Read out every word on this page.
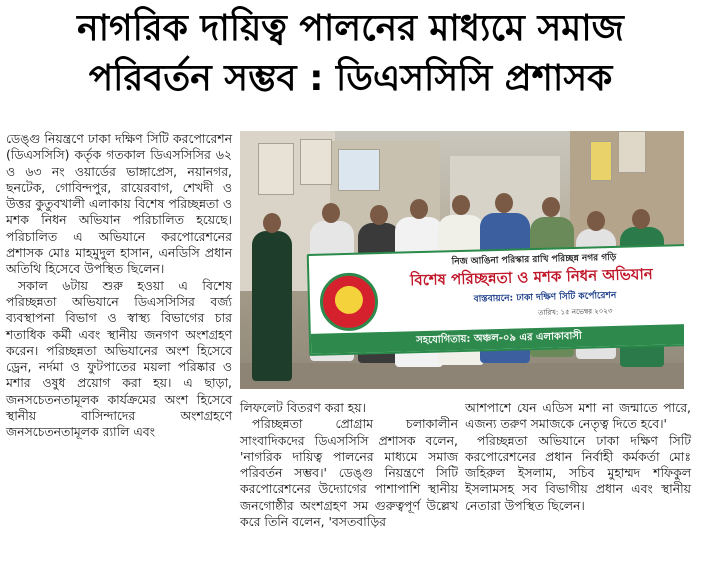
নাগরিক দায়িত্ব পালনের মাধ্যমে সমাজ
পরিবর্তন সম্ভব : ডিএসসিসি প্রশাসক

ডেঙ্গু নিয়ন্ত্রণে ঢাকা দক্ষিণ সিটি করপোরেশন (ডিএসসিসি) কর্তৃক গতকাল ডিএসসিসির ৬২ ও ৬৩ নং ওয়ার্ডের ভাঙ্গাপ্রেস, নয়ানগর, ছনটেক, গোবিন্দপুর, রায়েরবাগ, শেখদী ও উত্তর কুতুবখালী এলাকায় বিশেষ পরিচ্ছন্নতা ও মশক নিধন অভিযান পরিচালিত হয়েছে। পরিচালিত এ অভিযানে করপোরেশনের প্রশাসক মোঃ মাহমুদুল হাসান, এনডিসি প্রধান অতিথি হিসেবে উপস্থিত ছিলেন।

সকাল ৬টায় শুরু হওয়া এ বিশেষ পরিচ্ছন্নতা অভিযানে ডিএসসিসির বর্জ্য ব্যবস্থাপনা বিভাগ ও স্বাস্থ্য বিভাগের চার শতাধিক কর্মী এবং স্থানীয় জনগণ অংশগ্রহণ করেন। পরিচ্ছন্নতা অভিযানের অংশ হিসেবে ড্রেন, নর্দমা ও ফুটপাতের ময়লা পরিষ্কার ও মশার ওষুধ প্রয়োগ করা হয়। এ ছাড়া, জনসচেতনতামূলক কার্যক্রমের অংশ হিসেবে স্থানীয় বাসিন্দাদের অংশগ্রহণে জনসচেতনতামূলক র‌্যালি এবং

নিজ আঙিনা পরিস্কার রাখি পরিচ্ছন্ন নগর গড়ি
বিশেষ পরিচ্ছন্নতা ও মশক নিধন অভিযান
বাস্তবায়নে: ঢাকা দক্ষিণ সিটি কর্পোরেশন
তারিখ: ১৫ নভেম্বর ২০২৩
সহযোগিতায়: অঞ্চল-০৯ এর এলাকাবাসী

লিফলেট বিতরণ করা হয়।

পরিচ্ছন্নতা প্রোগ্রাম চলাকালীন সাংবাদিকদের ডিএসসিসি প্রশাসক বলেন, 'নাগরিক দায়িত্ব পালনের মাধ্যমে সমাজ পরিবর্তন সম্ভব।' ডেঙ্গু নিয়ন্ত্রণে সিটি করপোরেশনের উদ্যোগের পাশাপাশি স্থানীয় জনগোষ্ঠীর অংশগ্রহণ সম গুরুত্বপূর্ণ উল্লেখ করে তিনি বলেন, 'বসতবাড়ির

আশপাশে যেন এডিস মশা না জন্মাতে পারে, এজন্য তরুণ সমাজকে নেতৃত্ব দিতে হবে।'

পরিচ্ছন্নতা অভিযানে ঢাকা দক্ষিণ সিটি করপোরেশনের প্রধান নির্বাহী কর্মকর্তা মোঃ জহিরুল ইসলাম, সচিব মুহাম্মদ শফিকুল ইসলামসহ সব বিভাগীয় প্রধান এবং স্থানীয় নেতারা উপস্থিত ছিলেন।
